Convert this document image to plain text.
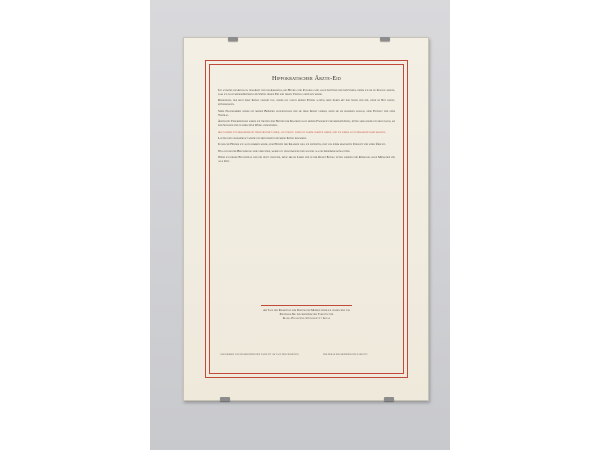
Hippokratischer Ärzte-Eid

Ich schwöre bei Apollon, dem Arzt und bei Asklepios, bei Hygieia und Panakeia und allen Göttern und Göttinnen, indem ich sie zu Zeugen anrufe, dass ich nach meinem Können und Urteil diesen Eid und diesen Vertrag erfüllen werde.

Denjenigen, der mich diese Kunst gelehrt hat, werde ich gleich meinen Eltern achten, mein Leben mit ihm teilen und ihn, wenn er Not leidet, mitversorgen.

Seine Nachkommen werde ich meinen Brüdern gleichstellen und sie diese Kunst lehren, wenn sie sie erlernen wollen, ohne Entgelt und ohne Vertrag.

Ärztliche Verordnungen werde ich treffen zum Nutzen der Kranken nach meiner Fähigkeit und meinem Urteil, hüten aber werde ich mich davor, sie zum Schaden und in unrechter Weise anzuwenden.

Auch werde ich niemandem ein tödliches Gift geben, auch nicht, wenn ich darum gebeten werde, und ich werde auch niemanden dabei beraten.

Lauter und gewissenhaft werde ich mein Leben und meine Kunst bewahren.

In welche Häuser ich auch kommen werde, zum Nutzen der Kranken will ich eintreten, frei von jedem bewussten Unrecht und jeder Übeltat.

Was ich bei der Behandlung sehe oder höre, werde ich verschweigen und solches als ein Geheimnis betrachten.

Wenn ich diesen Eid erfülle und ihn nicht verletze, möge mir im Leben und in der Kunst Erfolg zuteil werden und Ruhm bei allen Menschen für alle Zeit.

Am Tage der Promotion zum Doktor der Medizin feierlich gesprochen vor
Professor Dr. der medizinischen Fakultät der
Karl-Franzens-Universität Graz
Geschrieben von der Medizinischen Fakultät am Tage der Promotion	Der Dekan der Medizinischen Fakultät
